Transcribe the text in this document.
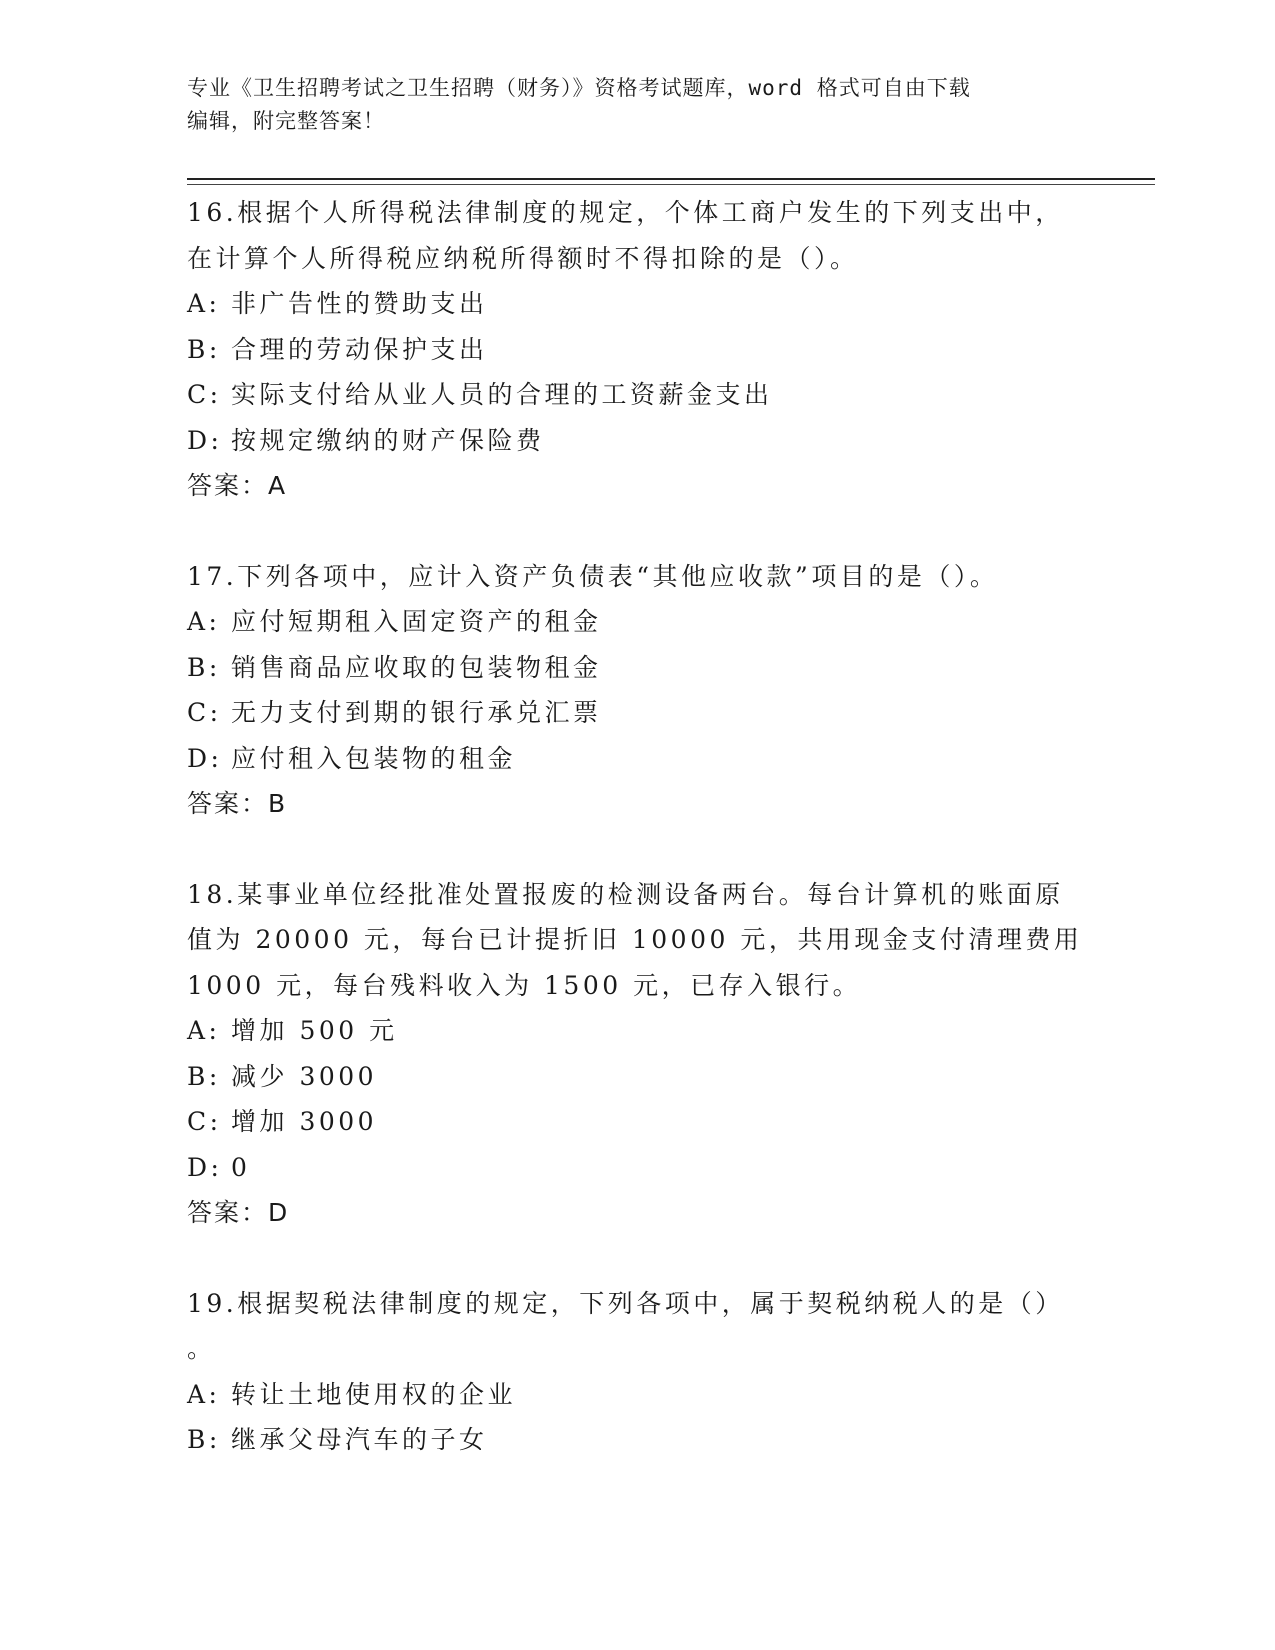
专业《卫生招聘考试之卫生招聘（财务）》资格考试题库，word 格式可自由下载
编辑，附完整答案！
16.根据个人所得税法律制度的规定，个体工商户发生的下列支出中，
在计算个人所得税应纳税所得额时不得扣除的是（）。
A: 非广告性的赞助支出
B: 合理的劳动保护支出
C: 实际支付给从业人员的合理的工资薪金支出
D: 按规定缴纳的财产保险费
答案：A
17.下列各项中，应计入资产负债表“其他应收款”项目的是（）。
A: 应付短期租入固定资产的租金
B: 销售商品应收取的包装物租金
C: 无力支付到期的银行承兑汇票
D: 应付租入包装物的租金
答案：B
18.某事业单位经批准处置报废的检测设备两台。每台计算机的账面原
值为 20000 元，每台已计提折旧 10000 元，共用现金支付清理费用
1000 元，每台残料收入为 1500 元，已存入银行。
A: 增加 500 元
B: 减少 3000
C: 增加 3000
D: 0
答案：D
19.根据契税法律制度的规定，下列各项中，属于契税纳税人的是（）
。
A: 转让土地使用权的企业
B: 继承父母汽车的子女
